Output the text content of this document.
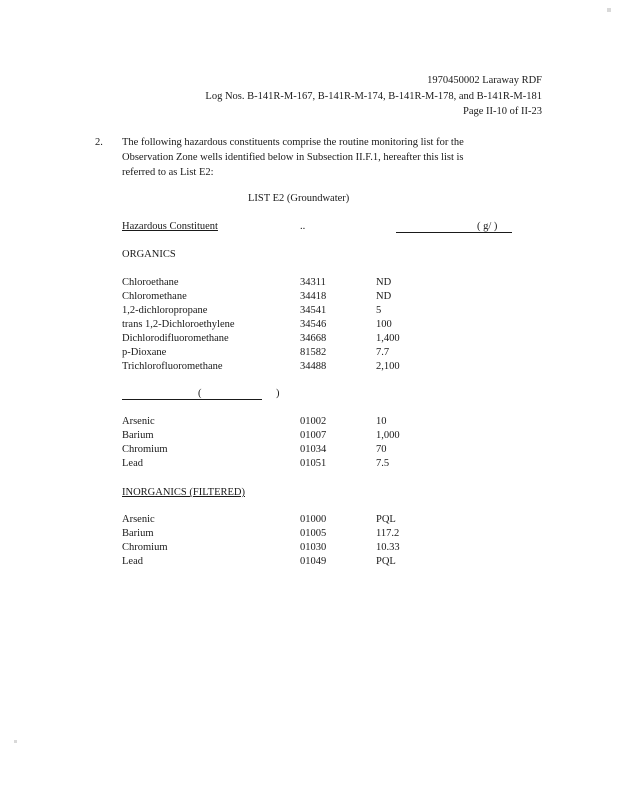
1970450002 Laraway RDF
Log Nos. B-141R-M-167, B-141R-M-174, B-141R-M-178, and B-141R-M-181
Page II-10 of II-23
2. The following hazardous constituents comprise the routine monitoring list for the
Observation Zone wells identified below in Subsection II.F.1, hereafter this list is
referred to as List E2:
LIST E2 (Groundwater)
Hazardous Constituent	..	( g/ )
ORGANICS
Chloroethane	34311	ND
Chloromethane	34418	ND
1,2-dichloropropane	34541	5
trans 1,2-Dichloroethylene	34546	100
Dichlorodifluoromethane	34668	1,400
p-Dioxane	81582	7.7
Trichlorofluoromethane	34488	2,100
(	)
Arsenic	01002	10
Barium	01007	1,000
Chromium	01034	70
Lead	01051	7.5
INORGANICS (FILTERED)
Arsenic	01000	PQL
Barium	01005	117.2
Chromium	01030	10.33
Lead	01049	PQL
